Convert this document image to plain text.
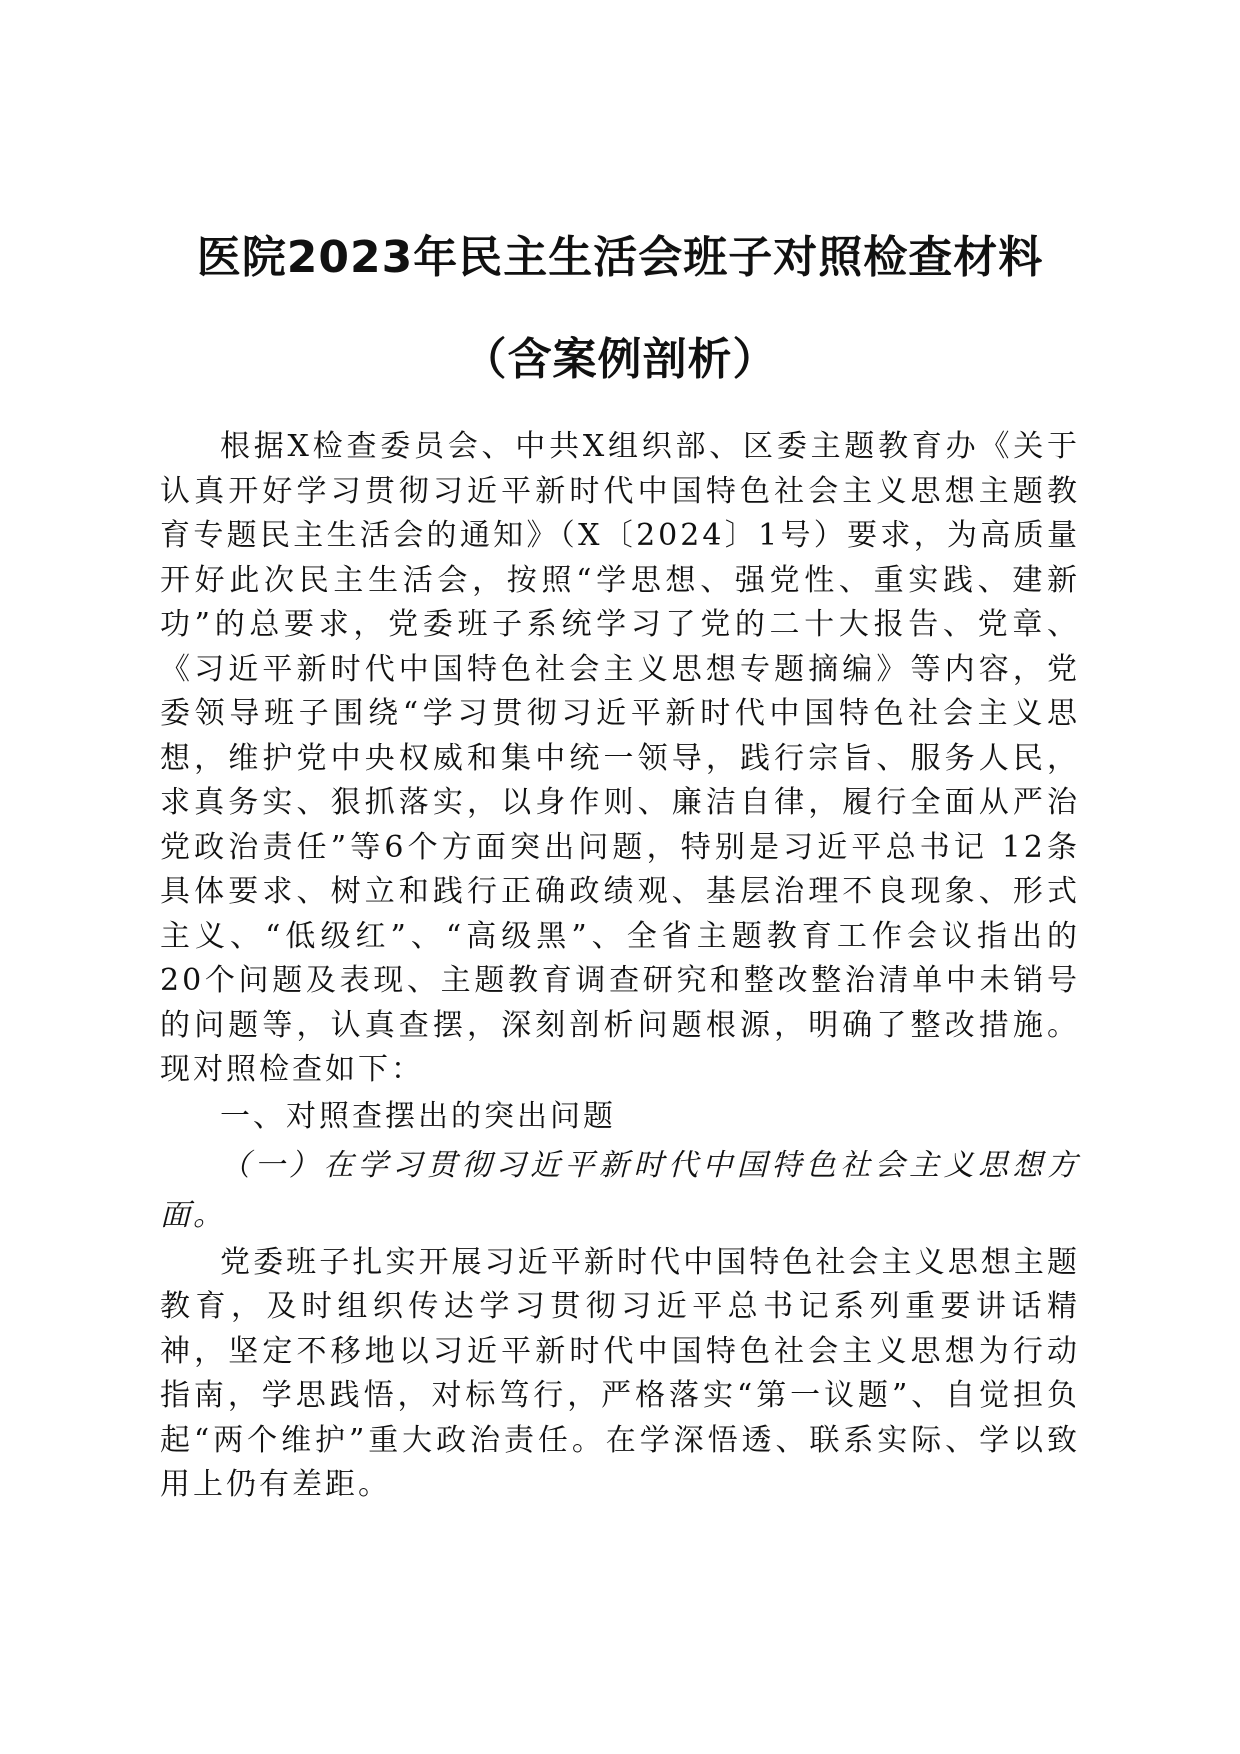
医院2023年民主生活会班子对照检查材料
（含案例剖析）

根据X检查委员会、中共X组织部、区委主题教育办《关于认真开好学习贯彻习近平新时代中国特色社会主义思想主题教育专题民主生活会的通知》（X〔2024〕1号）要求，为高质量开好此次民主生活会，按照“学思想、强党性、重实践、建新功”的总要求，党委班子系统学习了党的二十大报告、党章、《习近平新时代中国特色社会主义思想专题摘编》等内容，党委领导班子围绕“学习贯彻习近平新时代中国特色社会主义思想，维护党中央权威和集中统一领导，践行宗旨、服务人民，求真务实、狠抓落实，以身作则、廉洁自律，履行全面从严治党政治责任”等6个方面突出问题，特别是习近平总书记 12条具体要求、树立和践行正确政绩观、基层治理不良现象、形式主义、“低级红”、“高级黑”、全省主题教育工作会议指出的 20个问题及表现、主题教育调查研究和整改整治清单中未销号的问题等，认真查摆，深刻剖析问题根源，明确了整改措施。现对照检查如下：

一、对照查摆出的突出问题

（一）在学习贯彻习近平新时代中国特色社会主义思想方面。

党委班子扎实开展习近平新时代中国特色社会主义思想主题教育，及时组织传达学习贯彻习近平总书记系列重要讲话精神，坚定不移地以习近平新时代中国特色社会主义思想为行动指南，学思践悟，对标笃行，严格落实“第一议题”、自觉担负起“两个维护”重大政治责任。在学深悟透、联系实际、学以致用上仍有差距。
